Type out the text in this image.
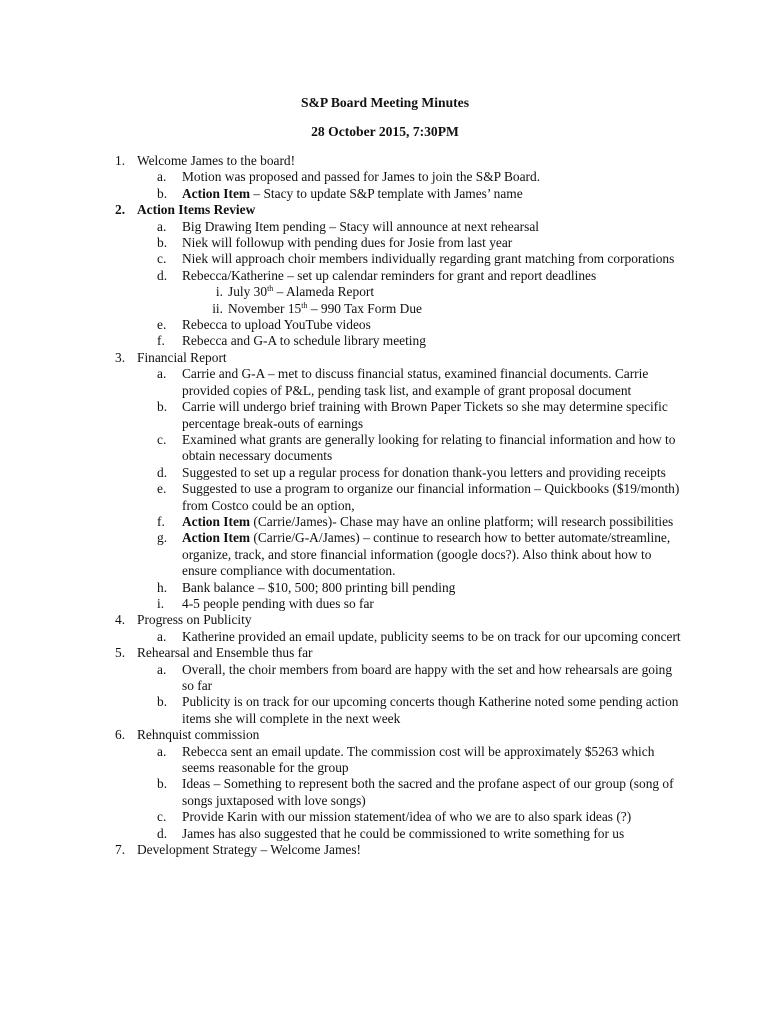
S&P Board Meeting Minutes
28 October 2015, 7:30PM
1. Welcome James to the board!
a. Motion was proposed and passed for James to join the S&P Board.
b. Action Item – Stacy to update S&P template with James’ name
2. Action Items Review
a. Big Drawing Item pending – Stacy will announce at next rehearsal
b. Niek will followup with pending dues for Josie from last year
c. Niek will approach choir members individually regarding grant matching from corporations
d. Rebecca/Katherine – set up calendar reminders for grant and report deadlines
i. July 30th – Alameda Report
ii. November 15th – 990 Tax Form Due
e. Rebecca to upload YouTube videos
f. Rebecca and G-A to schedule library meeting
3. Financial Report
a. Carrie and G-A – met to discuss financial status, examined financial documents. Carrie provided copies of P&L, pending task list, and example of grant proposal document
b. Carrie will undergo brief training with Brown Paper Tickets so she may determine specific percentage break-outs of earnings
c. Examined what grants are generally looking for relating to financial information and how to obtain necessary documents
d. Suggested to set up a regular process for donation thank-you letters and providing receipts
e. Suggested to use a program to organize our financial information – Quickbooks ($19/month) from Costco could be an option,
f. Action Item (Carrie/James)- Chase may have an online platform; will research possibilities
g. Action Item (Carrie/G-A/James) – continue to research how to better automate/streamline, organize, track, and store financial information (google docs?). Also think about how to ensure compliance with documentation.
h. Bank balance – $10, 500; 800 printing bill pending
i. 4-5 people pending with dues so far
4. Progress on Publicity
a. Katherine provided an email update, publicity seems to be on track for our upcoming concert
5. Rehearsal and Ensemble thus far
a. Overall, the choir members from board are happy with the set and how rehearsals are going so far
b. Publicity is on track for our upcoming concerts though Katherine noted some pending action items she will complete in the next week
6. Rehnquist commission
a. Rebecca sent an email update. The commission cost will be approximately $5263 which seems reasonable for the group
b. Ideas – Something to represent both the sacred and the profane aspect of our group (song of songs juxtaposed with love songs)
c. Provide Karin with our mission statement/idea of who we are to also spark ideas (?)
d. James has also suggested that he could be commissioned to write something for us
7. Development Strategy – Welcome James!
